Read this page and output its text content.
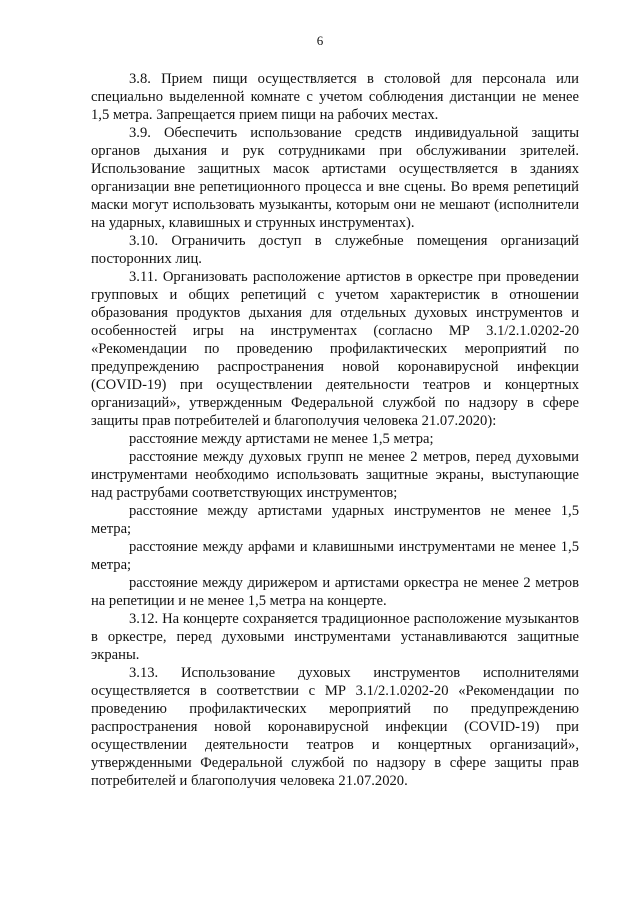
6

3.8. Прием пищи осуществляется в столовой для персонала или специально выделенной комнате с учетом соблюдения дистанции не менее 1,5 метра. Запрещается прием пищи на рабочих местах.

3.9. Обеспечить использование средств индивидуальной защиты органов дыхания и рук сотрудниками при обслуживании зрителей. Использование защитных масок артистами осуществляется в зданиях организации вне репетиционного процесса и вне сцены. Во время репетиций маски могут использовать музыканты, которым они не мешают (исполнители на ударных, клавишных и струнных инструментах).

3.10. Ограничить доступ в служебные помещения организаций посторонних лиц.

3.11. Организовать расположение артистов в оркестре при проведении групповых и общих репетиций с учетом характеристик в отношении образования продуктов дыхания для отдельных духовых инструментов и особенностей игры на инструментах (согласно МР 3.1/2.1.0202-20 «Рекомендации по проведению профилактических мероприятий по предупреждению распространения новой коронавирусной инфекции (COVID-19) при осуществлении деятельности театров и концертных организаций», утвержденным Федеральной службой по надзору в сфере защиты прав потребителей и благополучия человека 21.07.2020):

расстояние между артистами не менее 1,5 метра;

расстояние между духовых групп не менее 2 метров, перед духовыми инструментами необходимо использовать защитные экраны, выступающие над раструбами соответствующих инструментов;

расстояние между артистами ударных инструментов не менее 1,5 метра;

расстояние между арфами и клавишными инструментами не менее 1,5 метра;

расстояние между дирижером и артистами оркестра не менее 2 метров на репетиции и не менее 1,5 метра на концерте.

3.12. На концерте сохраняется традиционное расположение музыкантов в оркестре, перед духовыми инструментами устанавливаются защитные экраны.

3.13. Использование духовых инструментов исполнителями осуществляется в соответствии с МР 3.1/2.1.0202-20 «Рекомендации по проведению профилактических мероприятий по предупреждению распространения новой коронавирусной инфекции (COVID-19) при осуществлении деятельности театров и концертных организаций», утвержденными Федеральной службой по надзору в сфере защиты прав потребителей и благополучия человека 21.07.2020.
